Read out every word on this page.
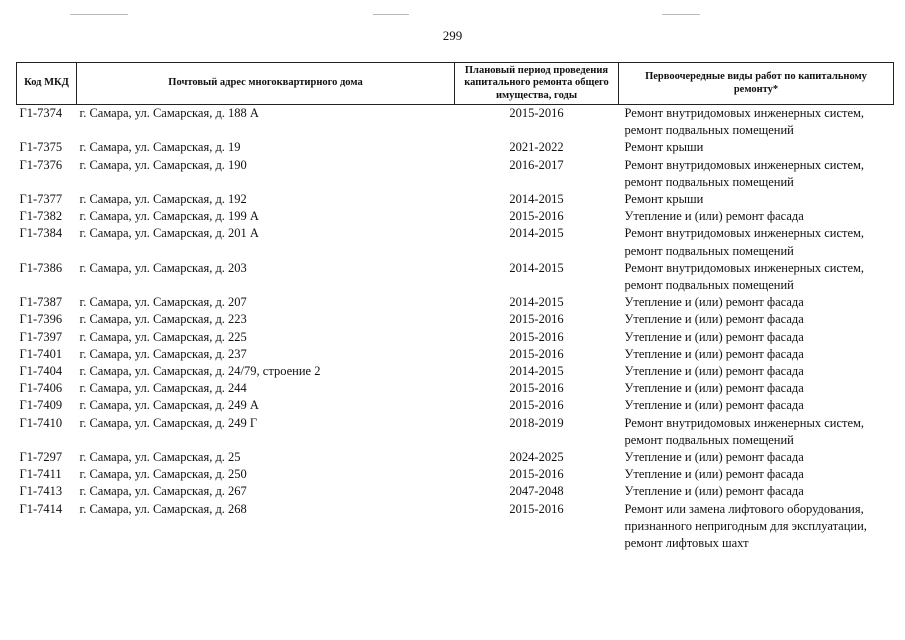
299
Код МКД	Почтовый адрес многоквартирного дома	Плановый период проведения капитального ремонта общего имущества, годы	Первоочередные виды работ по капитальному ремонту*
Г1-7374	г. Самара, ул. Самарская, д. 188 А	2015-2016	Ремонт внутридомовых инженерных систем,
ремонт подвальных помещений

Г1-7375	г. Самара, ул. Самарская, д. 19	2021-2022	Ремонт крыши

Г1-7376	г. Самара, ул. Самарская, д. 190	2016-2017	Ремонт внутридомовых инженерных систем,
ремонт подвальных помещений

Г1-7377	г. Самара, ул. Самарская, д. 192	2014-2015	Ремонт крыши

Г1-7382	г. Самара, ул. Самарская, д. 199 А	2015-2016	Утепление и (или) ремонт фасада

Г1-7384	г. Самара, ул. Самарская, д. 201 А	2014-2015	Ремонт внутридомовых инженерных систем,
ремонт подвальных помещений

Г1-7386	г. Самара, ул. Самарская, д. 203	2014-2015	Ремонт внутридомовых инженерных систем,
ремонт подвальных помещений

Г1-7387	г. Самара, ул. Самарская, д. 207	2014-2015	Утепление и (или) ремонт фасада

Г1-7396	г. Самара, ул. Самарская, д. 223	2015-2016	Утепление и (или) ремонт фасада

Г1-7397	г. Самара, ул. Самарская, д. 225	2015-2016	Утепление и (или) ремонт фасада

Г1-7401	г. Самара, ул. Самарская, д. 237	2015-2016	Утепление и (или) ремонт фасада

Г1-7404	г. Самара, ул. Самарская, д. 24/79, строение 2	2014-2015	Утепление и (или) ремонт фасада

Г1-7406	г. Самара, ул. Самарская, д. 244	2015-2016	Утепление и (или) ремонт фасада

Г1-7409	г. Самара, ул. Самарская, д. 249 А	2015-2016	Утепление и (или) ремонт фасада

Г1-7410	г. Самара, ул. Самарская, д. 249 Г	2018-2019	Ремонт внутридомовых инженерных систем,
ремонт подвальных помещений

Г1-7297	г. Самара, ул. Самарская, д. 25	2024-2025	Утепление и (или) ремонт фасада

Г1-7411	г. Самара, ул. Самарская, д. 250	2015-2016	Утепление и (или) ремонт фасада

Г1-7413	г. Самара, ул. Самарская, д. 267	2047-2048	Утепление и (или) ремонт фасада

Г1-7414	г. Самара, ул. Самарская, д. 268	2015-2016	Ремонт или замена лифтового оборудования,
признанного непригодным для эксплуатации,
ремонт лифтовых шахт
